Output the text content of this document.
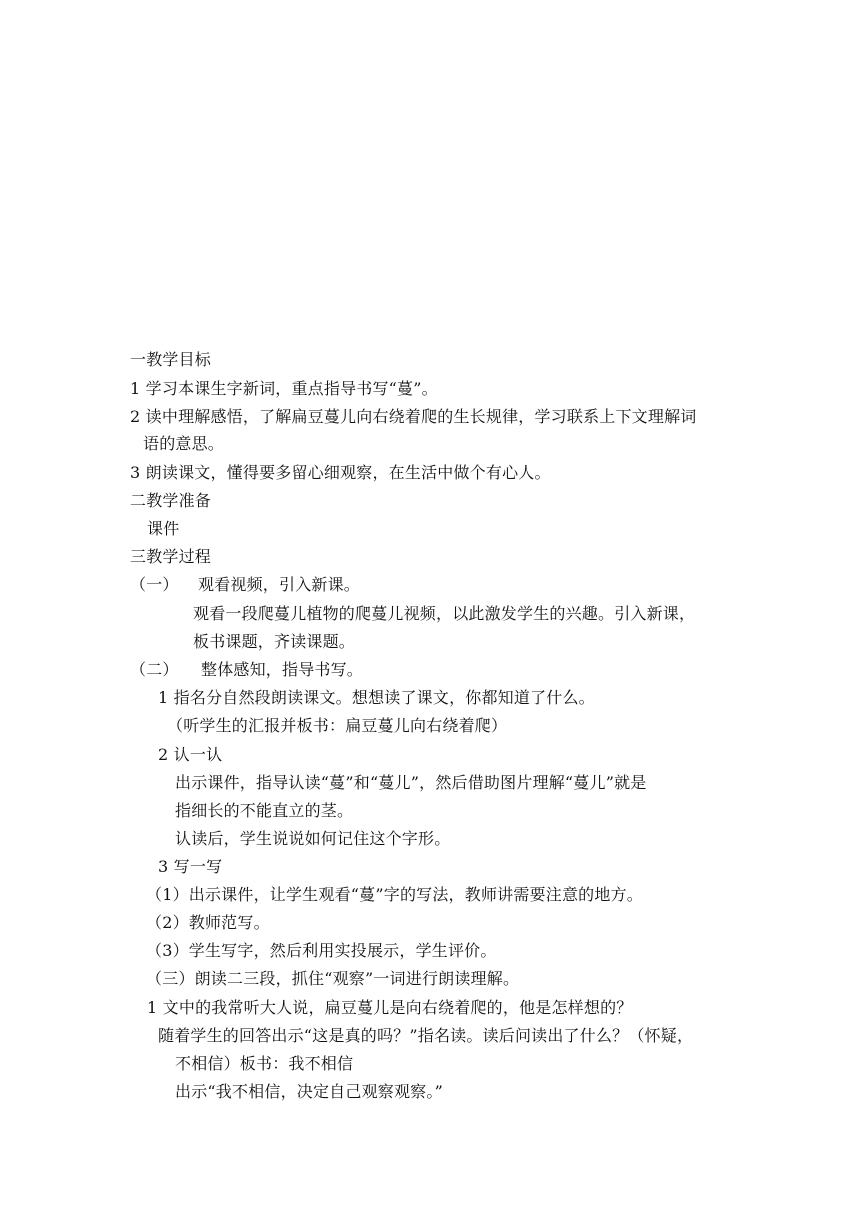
一教学目标
1 学习本课生字新词，重点指导书写“蔓”。
2 读中理解感悟，了解扁豆蔓儿向右绕着爬的生长规律，学习联系上下文理解词
语的意思。
3 朗读课文，懂得要多留心细观察，在生活中做个有心人。
二教学准备
课件
三教学过程
（一） 观看视频，引入新课。
观看一段爬蔓儿植物的爬蔓儿视频，以此激发学生的兴趣。引入新课，
板书课题，齐读课题。
（二） 整体感知，指导书写。
1 指名分自然段朗读课文。想想读了课文，你都知道了什么。
（听学生的汇报并板书：扁豆蔓儿向右绕着爬）
2 认一认
出示课件，指导认读“蔓”和“蔓儿”，然后借助图片理解“蔓儿”就是
指细长的不能直立的茎。
认读后，学生说说如何记住这个字形。
3 写一写
（1）出示课件，让学生观看“蔓”字的写法，教师讲需要注意的地方。
（2）教师范写。
（3）学生写字，然后利用实投展示，学生评价。
（三）朗读二三段，抓住“观察”一词进行朗读理解。
1 文中的我常听大人说，扁豆蔓儿是向右绕着爬的，他是怎样想的？
随着学生的回答出示“这是真的吗？”指名读。读后问读出了什么？（怀疑，
不相信）板书：我不相信
出示“我不相信，决定自己观察观察。”
